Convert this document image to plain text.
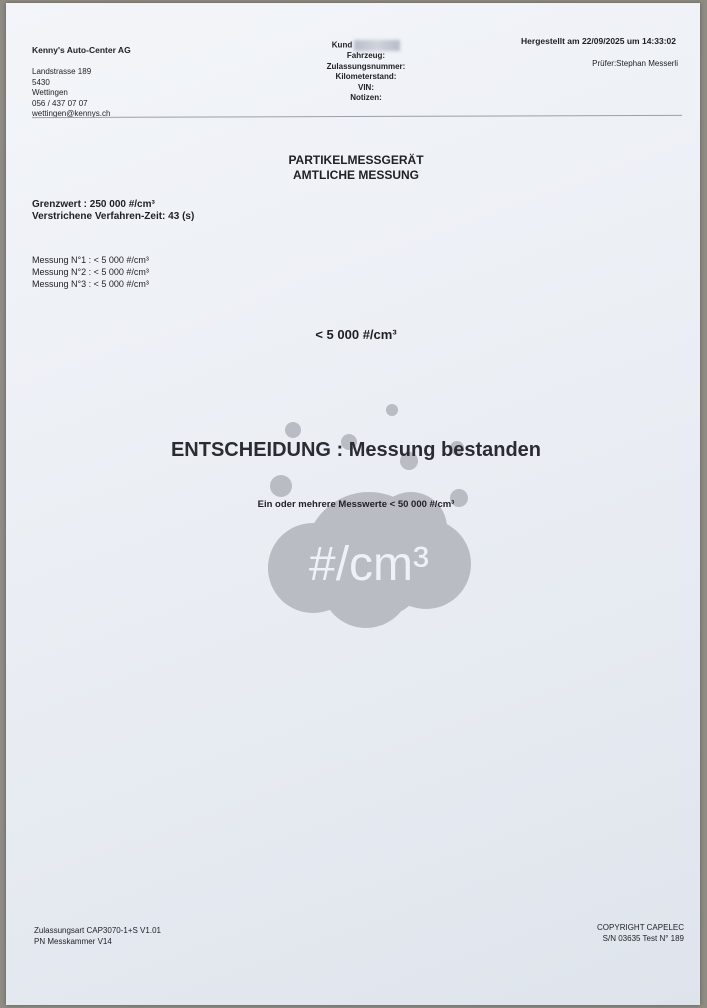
Kenny's Auto-Center AG
Landstrasse 189
5430
Wettingen
056 / 437 07 07
wettingen@kennys.ch
Kund
Fahrzeug:
Zulassungsnummer:
Kilometerstand:
VIN:
Notizen:
Hergestellt am 22/09/2025 um 14:33:02
Prüfer:Stephan Messerli
PARTIKELMESSGERÄT
AMTLICHE MESSUNG
Grenzwert : 250 000 #/cm³
Verstrichene Verfahren-Zeit: 43 (s)
Messung N°1 : < 5 000 #/cm³
Messung N°2 : < 5 000 #/cm³
Messung N°3 : < 5 000 #/cm³
< 5 000 #/cm³
#/cm³
ENTSCHEIDUNG : Messung bestanden
Ein oder mehrere Messwerte < 50 000 #/cm³
Zulassungsart CAP3070-1+S V1.01
PN Messkammer V14
COPYRIGHT CAPELEC
S/N 03635 Test N° 189
